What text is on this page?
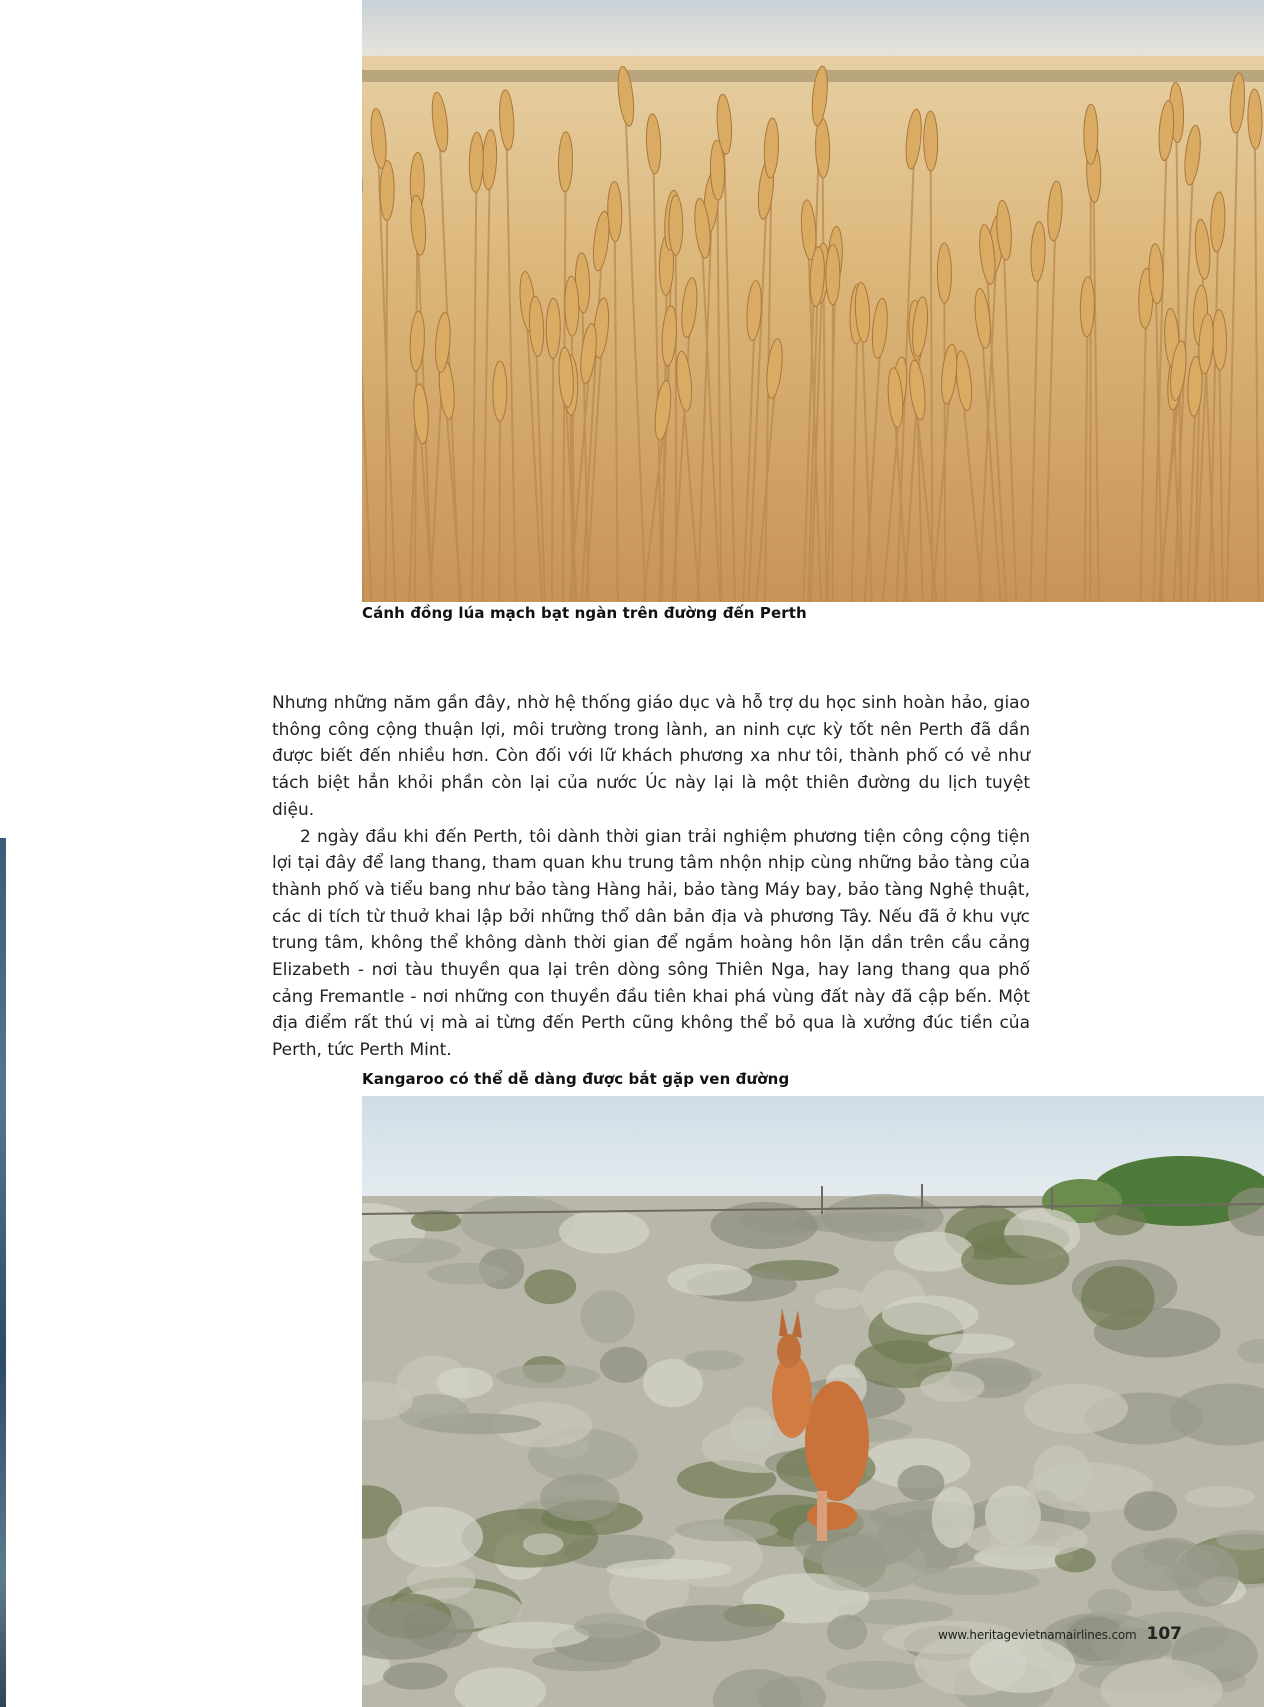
Cánh đồng lúa mạch bạt ngàn trên đường đến Perth

Nhưng những năm gần đây, nhờ hệ thống giáo dục và hỗ trợ du học sinh hoàn hảo, giao thông công cộng thuận lợi, môi trường trong lành, an ninh cực kỳ tốt nên Perth đã dần được biết đến nhiều hơn. Còn đối với lữ khách phương xa như tôi, thành phố có vẻ như tách biệt hẳn khỏi phần còn lại của nước Úc này lại là một thiên đường du lịch tuyệt diệu.

2 ngày đầu khi đến Perth, tôi dành thời gian trải nghiệm phương tiện công cộng tiện lợi tại đây để lang thang, tham quan khu trung tâm nhộn nhịp cùng những bảo tàng của thành phố và tiểu bang như bảo tàng Hàng hải, bảo tàng Máy bay, bảo tàng Nghệ thuật, các di tích từ thuở khai lập bởi những thổ dân bản địa và phương Tây. Nếu đã ở khu vực trung tâm, không thể không dành thời gian để ngắm hoàng hôn lặn dần trên cầu cảng Elizabeth - nơi tàu thuyền qua lại trên dòng sông Thiên Nga, hay lang thang qua phố cảng Fremantle - nơi những con thuyền đầu tiên khai phá vùng đất này đã cập bến. Một địa điểm rất thú vị mà ai từng đến Perth cũng không thể bỏ qua là xưởng đúc tiền của Perth, tức Perth Mint.

Kangaroo có thể dễ dàng được bắt gặp ven đường
www.heritagevietnamairlines.com 107
